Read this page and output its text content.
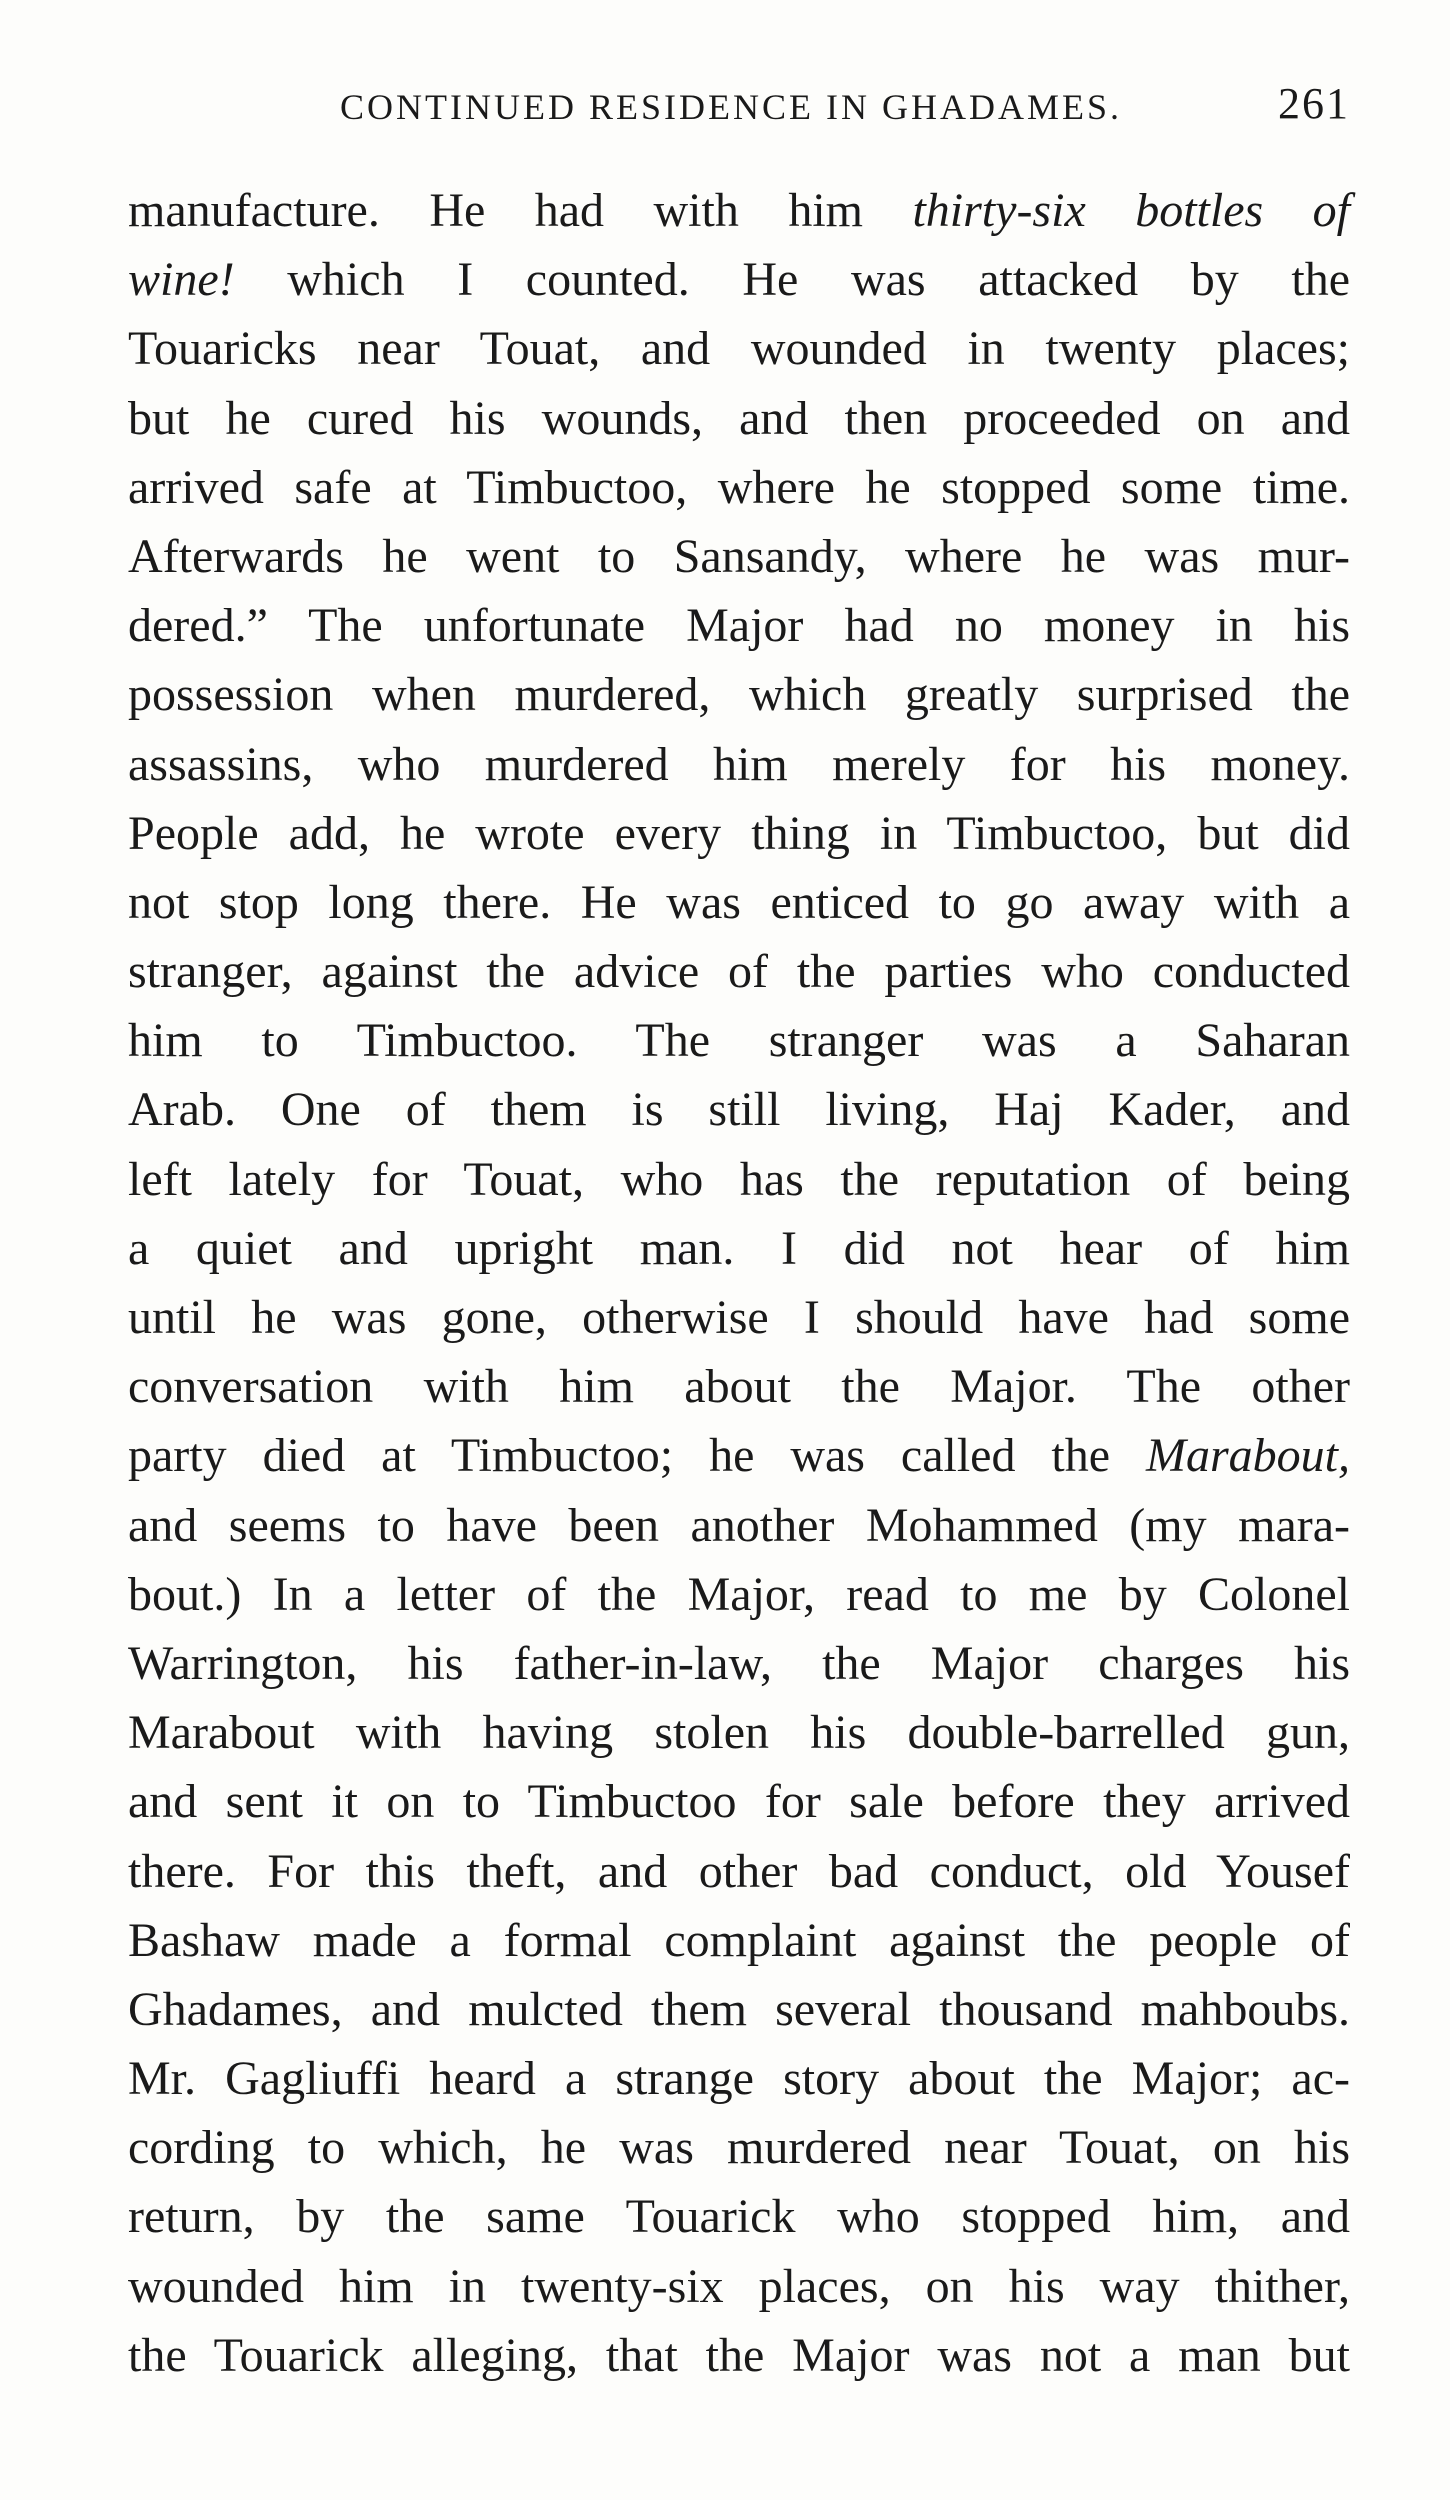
CONTINUED RESIDENCE IN GHADAMES.	261
manufacture. He had with him thirty-six bottles of
wine! which I counted. He was attacked by the
Touaricks near Touat, and wounded in twenty places;
but he cured his wounds, and then proceeded on and
arrived safe at Timbuctoo, where he stopped some time.
Afterwards he went to Sansandy, where he was mur-
dered.” The unfortunate Major had no money in his
possession when murdered, which greatly surprised the
assassins, who murdered him merely for his money.
People add, he wrote every thing in Timbuctoo, but did
not stop long there. He was enticed to go away with a
stranger, against the advice of the parties who conducted
him to Timbuctoo. The stranger was a Saharan
Arab. One of them is still living, Haj Kader, and
left lately for Touat, who has the reputation of being
a quiet and upright man. I did not hear of him
until he was gone, otherwise I should have had some
conversation with him about the Major. The other
party died at Timbuctoo; he was called the Marabout,
and seems to have been another Mohammed (my mara-
bout.) In a letter of the Major, read to me by Colonel
Warrington, his father-in-law, the Major charges his
Marabout with having stolen his double-barrelled gun,
and sent it on to Timbuctoo for sale before they arrived
there. For this theft, and other bad conduct, old Yousef
Bashaw made a formal complaint against the people of
Ghadames, and mulcted them several thousand mahboubs.
Mr. Gagliuffi heard a strange story about the Major; ac-
cording to which, he was murdered near Touat, on his
return, by the same Touarick who stopped him, and
wounded him in twenty-six places, on his way thither,
the Touarick alleging, that the Major was not a man but
